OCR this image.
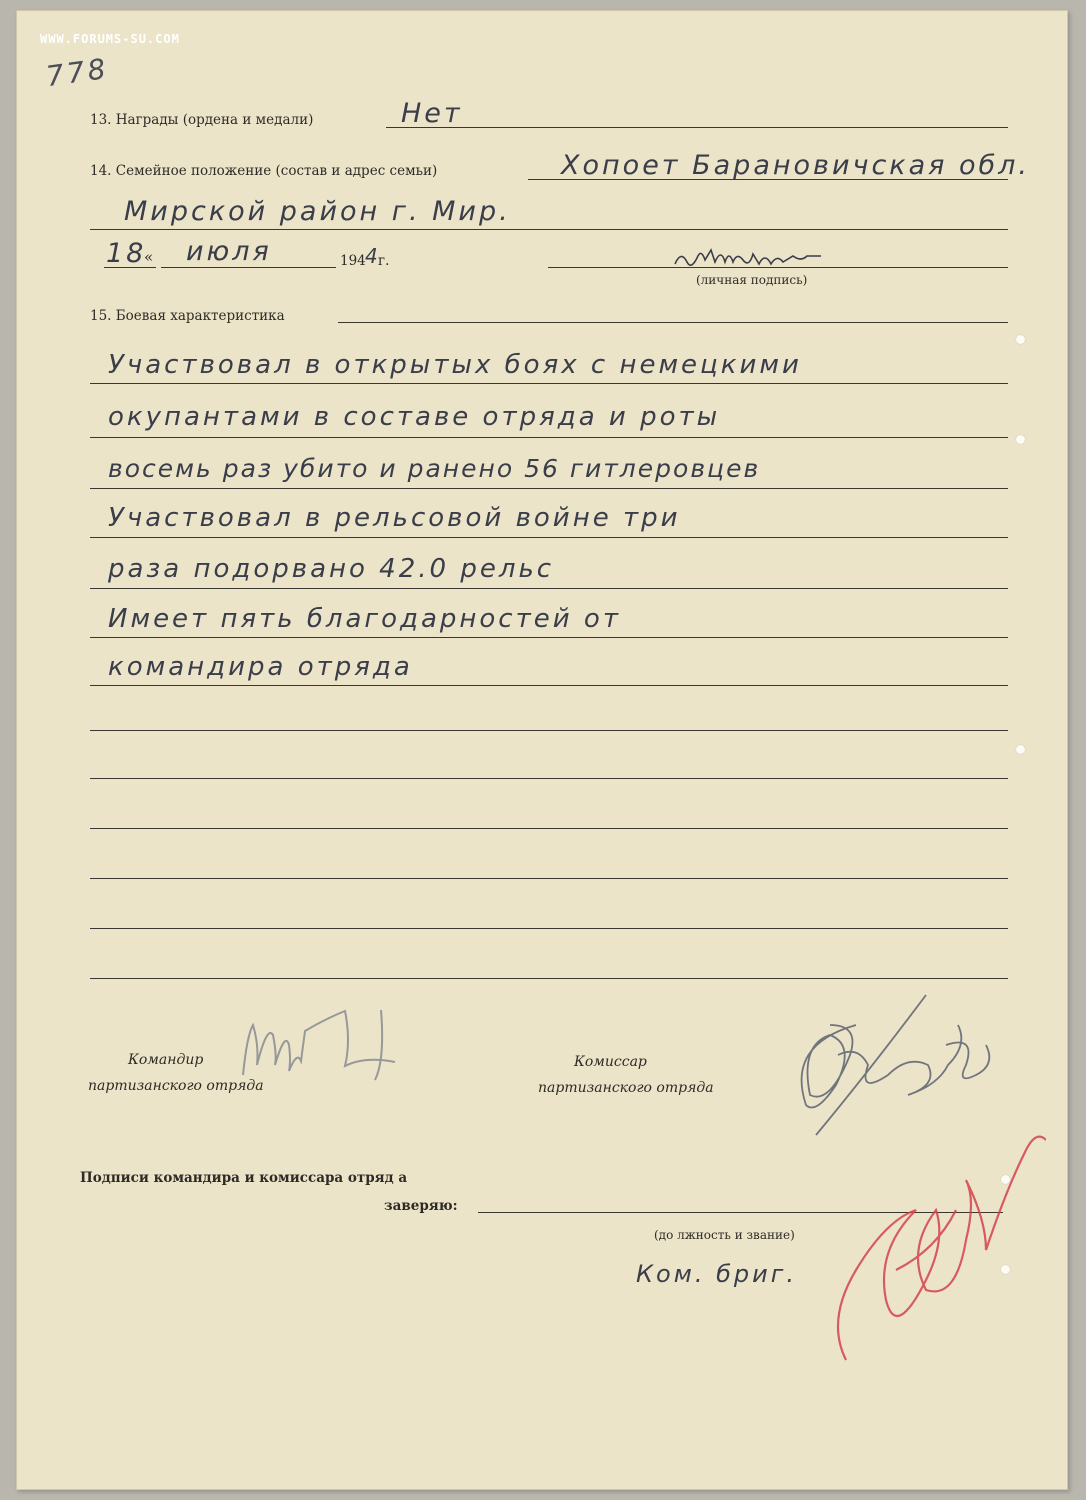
WWW.FORUMS-SU.COM
778
13. Награды (ордена и медали)	Нет
14. Семейное положение (состав и адрес семьи)	Хопоет Барановичская обл.
Мирской район г. Мир.
18
« июля	194 4
г.
(личная подпись)
15. Боевая характеристика
Участвовал в открытых боях с немецкими
окупантами в составе отряда и роты
восемь раз убито и ранено 56 гитлеровцев
Участвовал в рельсовой войне три
раза подорвано 42.0 рельс
Имеет пять благодарностей от
командира отряда
Командир
партизанского отряда
Комиссар
партизанского отряда
Подписи командира и комиссара отряд а
заверяю:
(до лжность и звание)
Ком. бриг.
